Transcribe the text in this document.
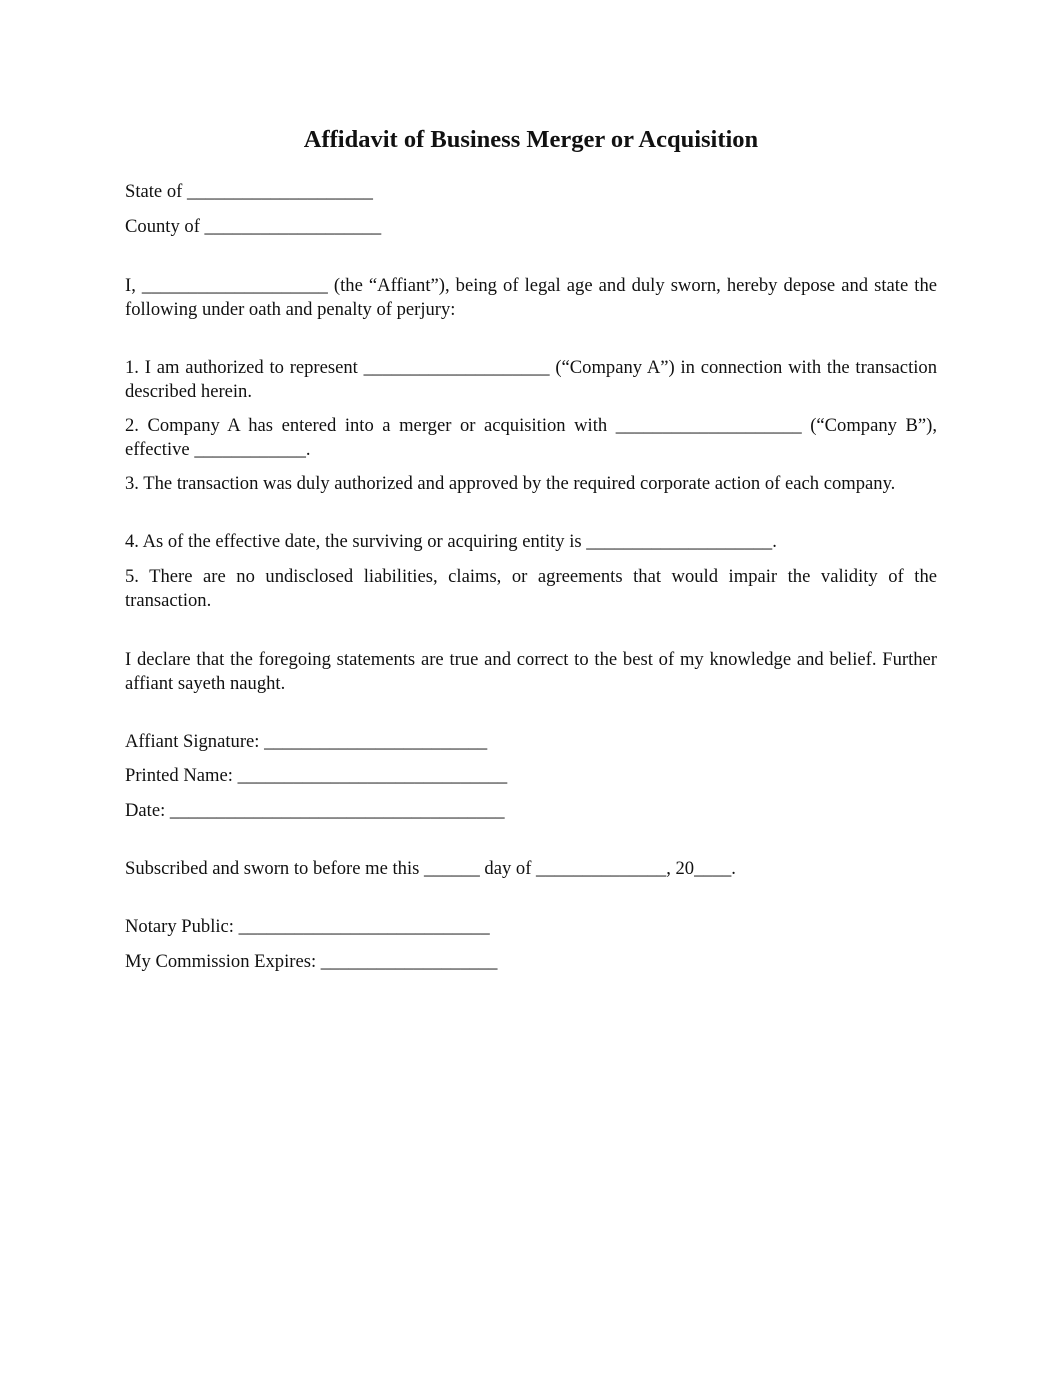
Affidavit of Business Merger or Acquisition

State of ____________________

County of ___________________

I, ____________________ (the “Affiant”), being of legal age and duly sworn, hereby depose and state the following under oath and penalty of perjury:

1. I am authorized to represent ____________________ (“Company A”) in connection with the transaction described herein.

2. Company A has entered into a merger or acquisition with ____________________ (“Company B”), effective ____________.

3. The transaction was duly authorized and approved by the required corporate action of each company.

4. As of the effective date, the surviving or acquiring entity is ____________________.

5. There are no undisclosed liabilities, claims, or agreements that would impair the validity of the transaction.

I declare that the foregoing statements are true and correct to the best of my knowledge and belief. Further affiant sayeth naught.

Affiant Signature: ________________________

Printed Name: _____________________________

Date: ____________________________________

Subscribed and sworn to before me this ______ day of ______________, 20____.

Notary Public: ___________________________

My Commission Expires: ___________________
